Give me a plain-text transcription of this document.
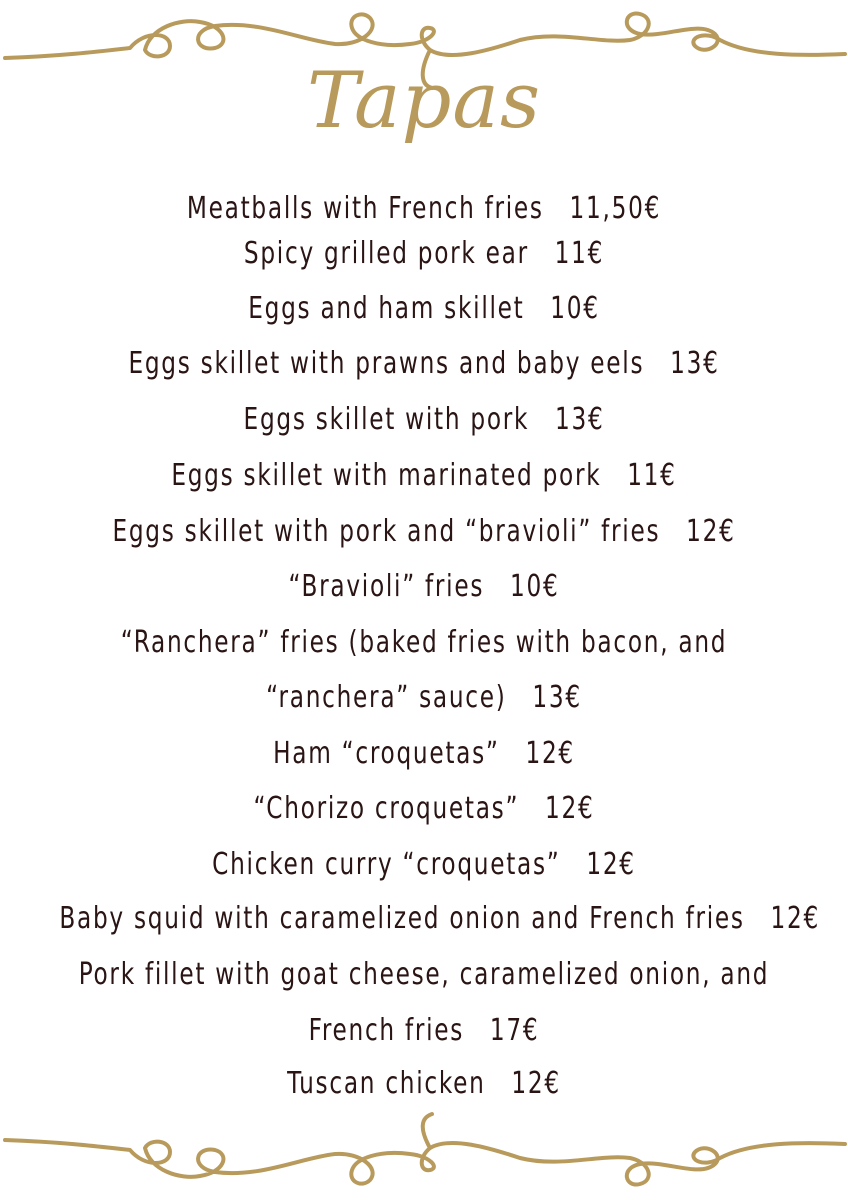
Tapas
Meatballs with French fries 11,50€
Spicy grilled pork ear 11€
Eggs and ham skillet 10€
Eggs skillet with prawns and baby eels 13€
Eggs skillet with pork 13€
Eggs skillet with marinated pork 11€
Eggs skillet with pork and “bravioli” fries 12€
“Bravioli” fries 10€
“Ranchera” fries (baked fries with bacon, and
“ranchera” sauce) 13€
Ham “croquetas” 12€
“Chorizo croquetas” 12€
Chicken curry “croquetas” 12€
Baby squid with caramelized onion and French fries 12€
Pork fillet with goat cheese, caramelized onion, and
French fries 17€
Tuscan chicken 12€
